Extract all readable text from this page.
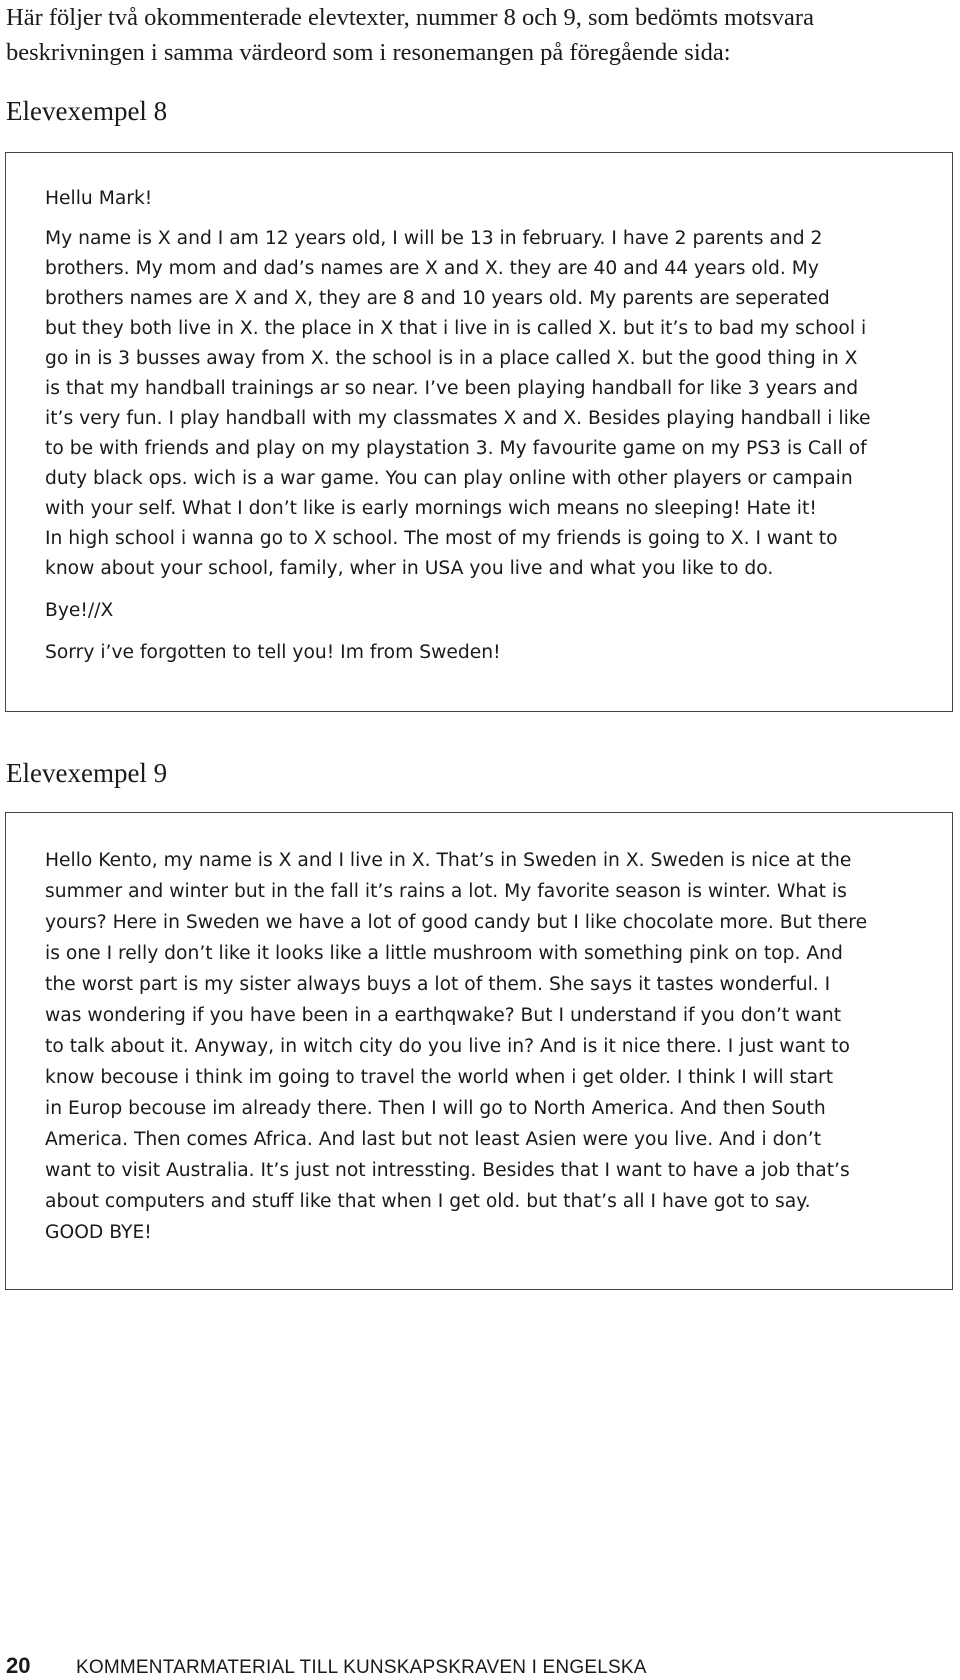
Här följer två okommenterade elevtexter, nummer 8 och 9, som bedömts motsvara
beskrivningen i samma värdeord som i resonemangen på föregående sida:
Elevexempel 8
Hellu Mark!
My name is X and I am 12 years old, I will be 13 in february. I have 2 parents and 2
brothers. My mom and dad’s names are X and X. they are 40 and 44 years old. My
brothers names are X and X, they are 8 and 10 years old. My parents are seperated
but they both live in X. the place in X that i live in is called X. but it’s to bad my school i
go in is 3 busses away from X. the school is in a place called X. but the good thing in X
is that my handball trainings ar so near. I’ve been playing handball for like 3 years and
it’s very fun. I play handball with my classmates X and X. Besides playing handball i like
to be with friends and play on my playstation 3. My favourite game on my PS3 is Call of
duty black ops. wich is a war game. You can play online with other players or campain
with your self. What I don’t like is early mornings wich means no sleeping! Hate it!
In high school i wanna go to X school. The most of my friends is going to X. I want to
know about your school, family, wher in USA you live and what you like to do.
Bye!//X
Sorry i’ve forgotten to tell you! Im from Sweden!
Elevexempel 9
Hello Kento, my name is X and I live in X. That’s in Sweden in X. Sweden is nice at the
summer and winter but in the fall it’s rains a lot. My favorite season is winter. What is
yours? Here in Sweden we have a lot of good candy but I like chocolate more. But there
is one I relly don’t like it looks like a little mushroom with something pink on top. And
the worst part is my sister always buys a lot of them. She says it tastes wonderful. I
was wondering if you have been in a earthqwake? But I understand if you don’t want
to talk about it. Anyway, in witch city do you live in? And is it nice there. I just want to
know becouse i think im going to travel the world when i get older. I think I will start
in Europ becouse im already there. Then I will go to North America. And then South
America. Then comes Africa. And last but not least Asien were you live. And i don’t
want to visit Australia. It’s just not intressting. Besides that I want to have a job that’s
about computers and stuff like that when I get old. but that’s all I have got to say.
GOOD BYE!
20 KOMMENTARMATERIAL TILL KUNSKAPSKRAVEN I ENGELSKA
